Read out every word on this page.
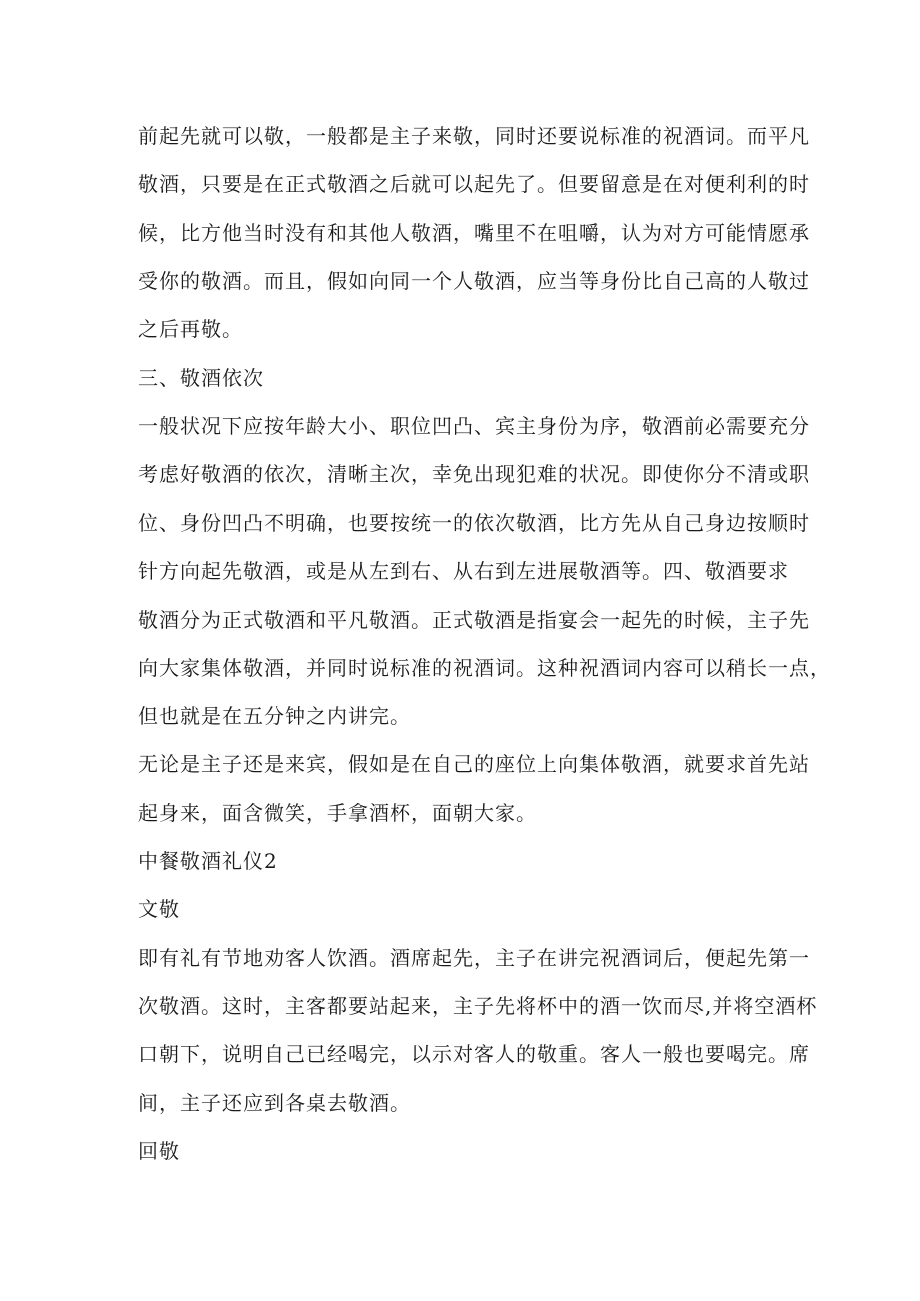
前起先就可以敬，一般都是主子来敬，同时还要说标准的祝酒词。而平凡
敬酒，只要是在正式敬酒之后就可以起先了。但要留意是在对便利利的时
候，比方他当时没有和其他人敬酒，嘴里不在咀嚼，认为对方可能情愿承
受你的敬酒。而且，假如向同一个人敬酒，应当等身份比自己高的人敬过
之后再敬。
三、敬酒依次
一般状况下应按年龄大小、职位凹凸、宾主身份为序，敬酒前必需要充分
考虑好敬酒的依次，清晰主次，幸免出现犯难的状况。即使你分不清或职
位、身份凹凸不明确，也要按统一的依次敬酒，比方先从自己身边按顺时
针方向起先敬酒，或是从左到右、从右到左进展敬酒等。四、敬酒要求
敬酒分为正式敬酒和平凡敬酒。正式敬酒是指宴会一起先的时候，主子先
向大家集体敬酒，并同时说标准的祝酒词。这种祝酒词内容可以稍长一点，
但也就是在五分钟之内讲完。
无论是主子还是来宾，假如是在自己的座位上向集体敬酒，就要求首先站
起身来，面含微笑，手拿酒杯，面朝大家。
中餐敬酒礼仪2
文敬
即有礼有节地劝客人饮酒。酒席起先，主子在讲完祝酒词后，便起先第一
次敬酒。这时，主客都要站起来，主子先将杯中的酒一饮而尽,并将空酒杯
口朝下，说明自己已经喝完，以示对客人的敬重。客人一般也要喝完。席
间，主子还应到各桌去敬酒。
回敬
